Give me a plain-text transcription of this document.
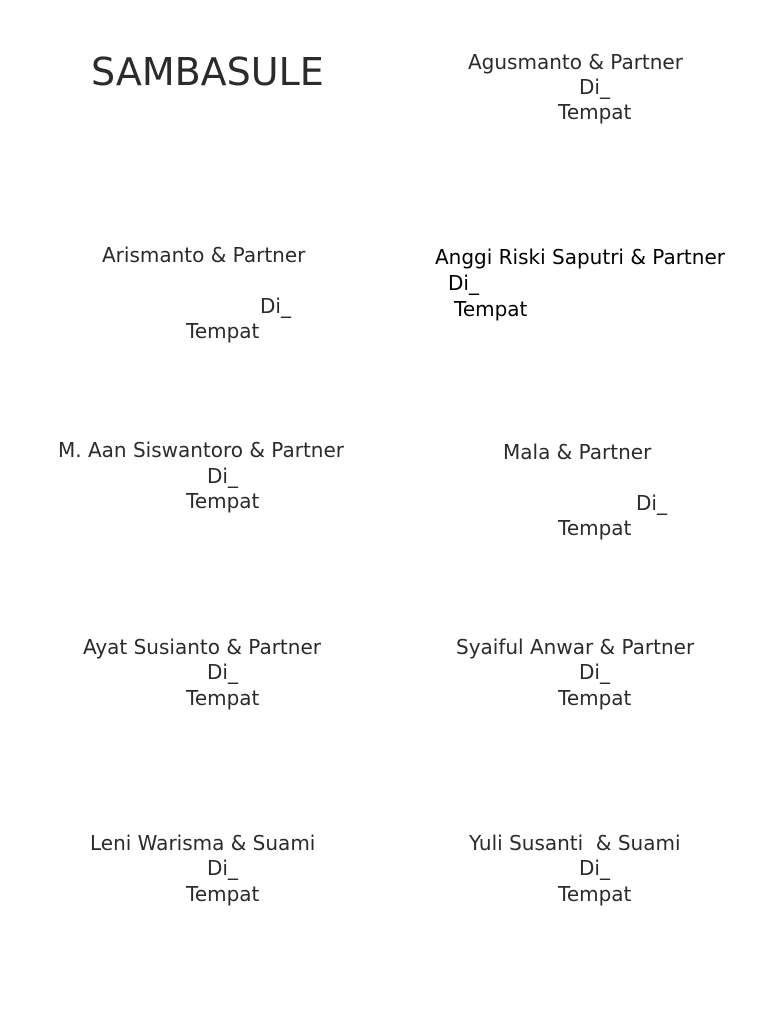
SAMBASULE	Agusmanto & Partner
Di_
Tempat
Arismanto & Partner
Di_
Tempat
Anggi Riski Saputri & Partner
Di_
Tempat
M. Aan Siswantoro & Partner
Di_
Tempat
Mala & Partner
Di_
Tempat
Ayat Susianto & Partner
Di_
Tempat
Syaiful Anwar & Partner
Di_
Tempat
Leni Warisma & Suami
Di_
Tempat
Yuli Susanti  & Suami
Di_
Tempat
